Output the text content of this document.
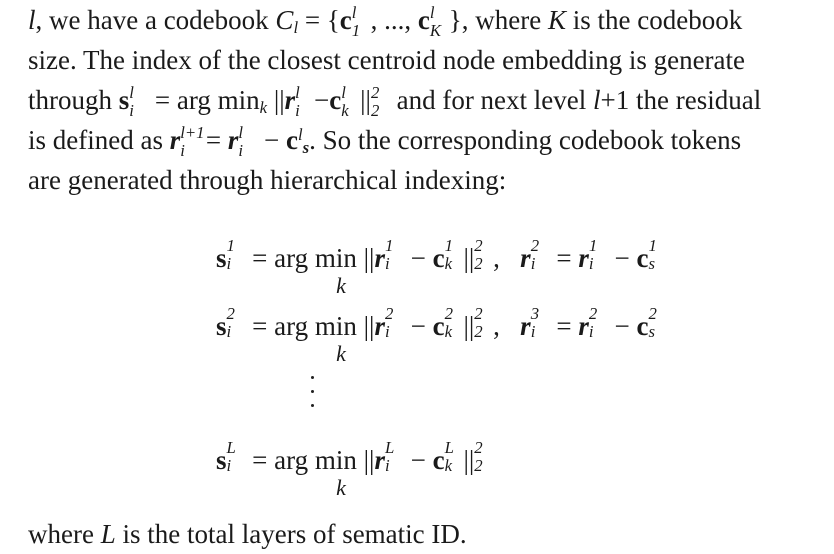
l, we have a codebook $C_l = \{c$ l
1 , ..., c l
K }, where K is the codebook
size. The index of the closest centroid node embedding is generate
through s l
i = arg $\min_k ||r$ l
i −c l
k || 2
2 and for next level l+1 the residual
is defined as r l+1
i = r l
$i - c^l_s$. So the corresponding codebook tokens
are generated through hierarchical indexing:
s 1
i = arg min
k
||r 1
i − c 1
k || 2
2 ,   r 2
i = r 1
i − c 1
s
s 2
i = arg min
k
||r 2
i − c 2
k || 2
2 ,   r 3
i = r 2
i − c 2
s
s L
i = arg min
k
||r L
i − c L
k || 2
2
where L is the total layers of sematic ID.
